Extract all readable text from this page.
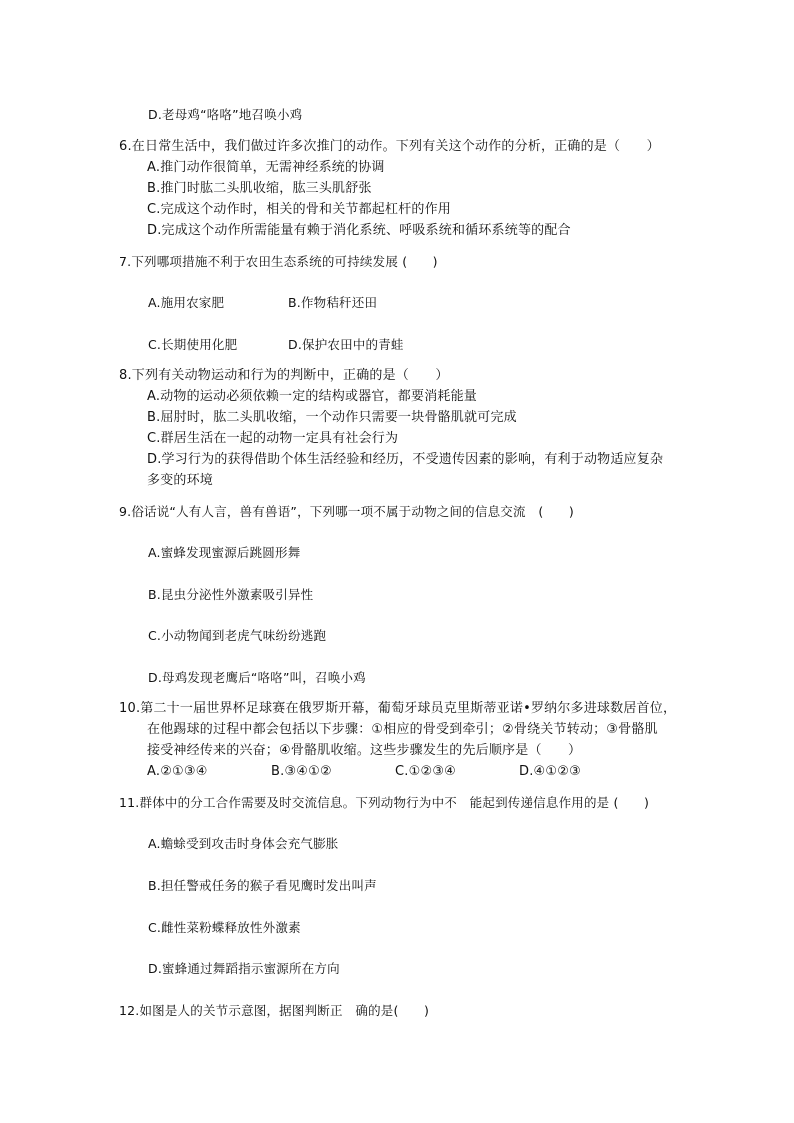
D.老母鸡“咯咯”地召唤小鸡
6.在日常生活中，我们做过许多次推门的动作。下列有关这个动作的分析，正确的是（　　）
A.推门动作很简单，无需神经系统的协调
B.推门时肱二头肌收缩，肱三头肌舒张
C.完成这个动作时，相关的骨和关节都起杠杆的作用
D.完成这个动作所需能量有赖于消化系统、呼吸系统和循环系统等的配合
7.下列哪项措施不利于农田生态系统的可持续发展 (　　)
A.施用农家肥	B.作物秸秆还田
C.长期使用化肥	D.保护农田中的青蛙
8.下列有关动物运动和行为的判断中，正确的是（　　）
A.动物的运动必须依赖一定的结构或器官，都要消耗能量
B.屈肘时，肱二头肌收缩，一个动作只需要一块骨骼肌就可完成
C.群居生活在一起的动物一定具有社会行为
D.学习行为的获得借助个体生活经验和经历，不受遗传因素的影响，有利于动物适应复杂
多变的环境
9.俗话说“人有人言，兽有兽语”，下列哪一项不属于动物之间的信息交流　(　　)
A.蜜蜂发现蜜源后跳圆形舞
B.昆虫分泌性外激素吸引异性
C.小动物闻到老虎气味纷纷逃跑
D.母鸡发现老鹰后“咯咯”叫，召唤小鸡
10.第二十一届世界杯足球赛在俄罗斯开幕，葡萄牙球员克里斯蒂亚诺•罗纳尔多进球数居首位，
在他踢球的过程中都会包括以下步骤：①相应的骨受到牵引；②骨绕关节转动；③骨骼肌
接受神经传来的兴奋；④骨骼肌收缩。这些步骤发生的先后顺序是（　　）
A.②①③④	B.③④①②	C.①②③④	D.④①②③
11.群体中的分工合作需要及时交流信息。下列动物行为中不　能起到传递信息作用的是 (　　)
A.蟾蜍受到攻击时身体会充气膨胀
B.担任警戒任务的猴子看见鹰时发出叫声
C.雌性菜粉蝶释放性外激素
D.蜜蜂通过舞蹈指示蜜源所在方向
12.如图是人的关节示意图，据图判断正　确的是(　　)
